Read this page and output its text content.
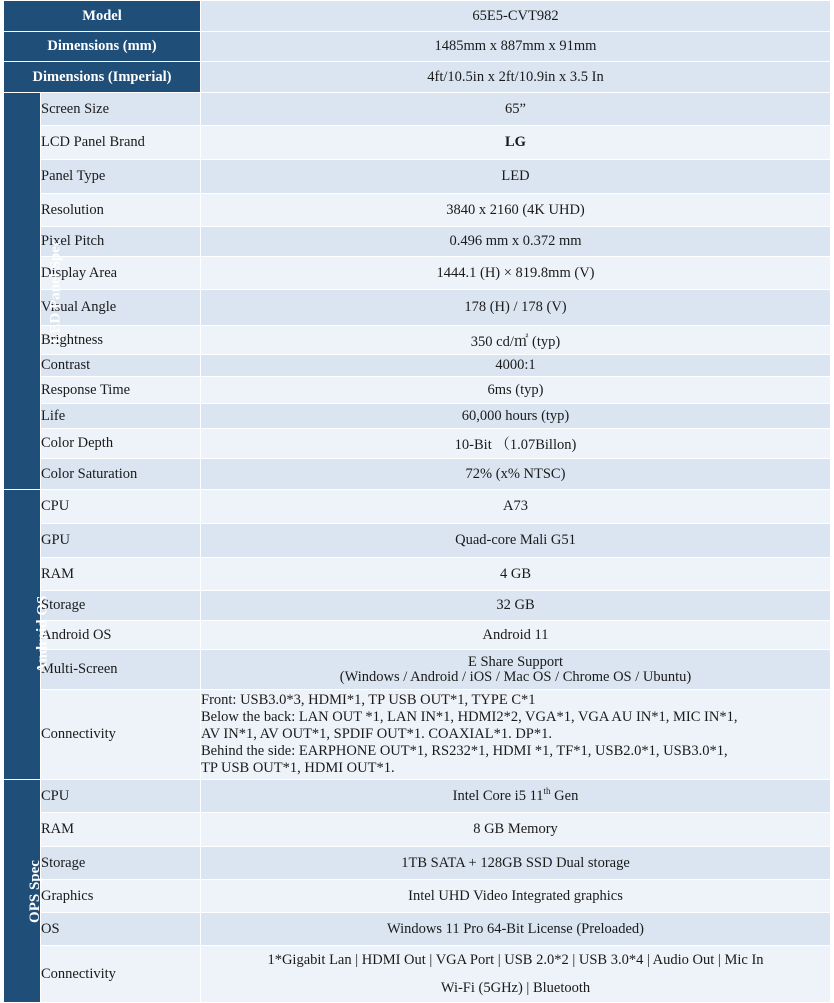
Model		65E5-CVT982
Dimensions (mm)		1485mm x 887mm x 91mm
Dimensions (Imperial)		4ft/10.5in x 2ft/10.9in x 3.5 In
LED Panel Spec	Screen Size	65”
	LCD Panel Brand	LG
	Panel Type	LED
	Resolution	3840 x 2160 (4K UHD)
	Pixel Pitch	0.496 mm x 0.372 mm
	Display Area	1444.1 (H) × 819.8mm (V)
	Visual Angle	178 (H) / 178 (V)
	Brightness	350 cd/㎡ (typ)
	Contrast	4000:1
	Response Time	6ms (typ)
	Life	60,000 hours (typ)
	Color Depth	10-Bit （1.07Billon)
	Color Saturation	72% (x% NTSC)
Android OS	CPU	A73
	GPU	Quad-core Mali G51
	RAM	4 GB
	Storage	32 GB
	Android OS	Android 11
	Multi-Screen	E Share Support
(Windows / Android / iOS / Mac OS / Chrome OS / Ubuntu)

	Connectivity	Front: USB3.0*3, HDMI*1, TP USB OUT*1, TYPE C*1
Below the back: LAN OUT *1, LAN IN*1, HDMI2*2, VGA*1, VGA AU IN*1, MIC IN*1,
AV IN*1, AV OUT*1, SPDIF OUT*1. COAXIAL*1. DP*1.
Behind the side: EARPHONE OUT*1, RS232*1, HDMI *1, TF*1, USB2.0*1, USB3.0*1,
TP USB OUT*1, HDMI OUT*1.

OPS Spec	CPU	Intel Core i5 11th Gen
	RAM	8 GB Memory
	Storage	1TB SATA + 128GB SSD Dual storage
	Graphics	Intel UHD Video Integrated graphics
	OS	Windows 11 Pro 64-Bit License (Preloaded)
	Connectivity	1*Gigabit Lan | HDMI Out | VGA Port | USB 2.0*2 | USB 3.0*4 | Audio Out | Mic In
Wi-Fi (5GHz) | Bluetooth
